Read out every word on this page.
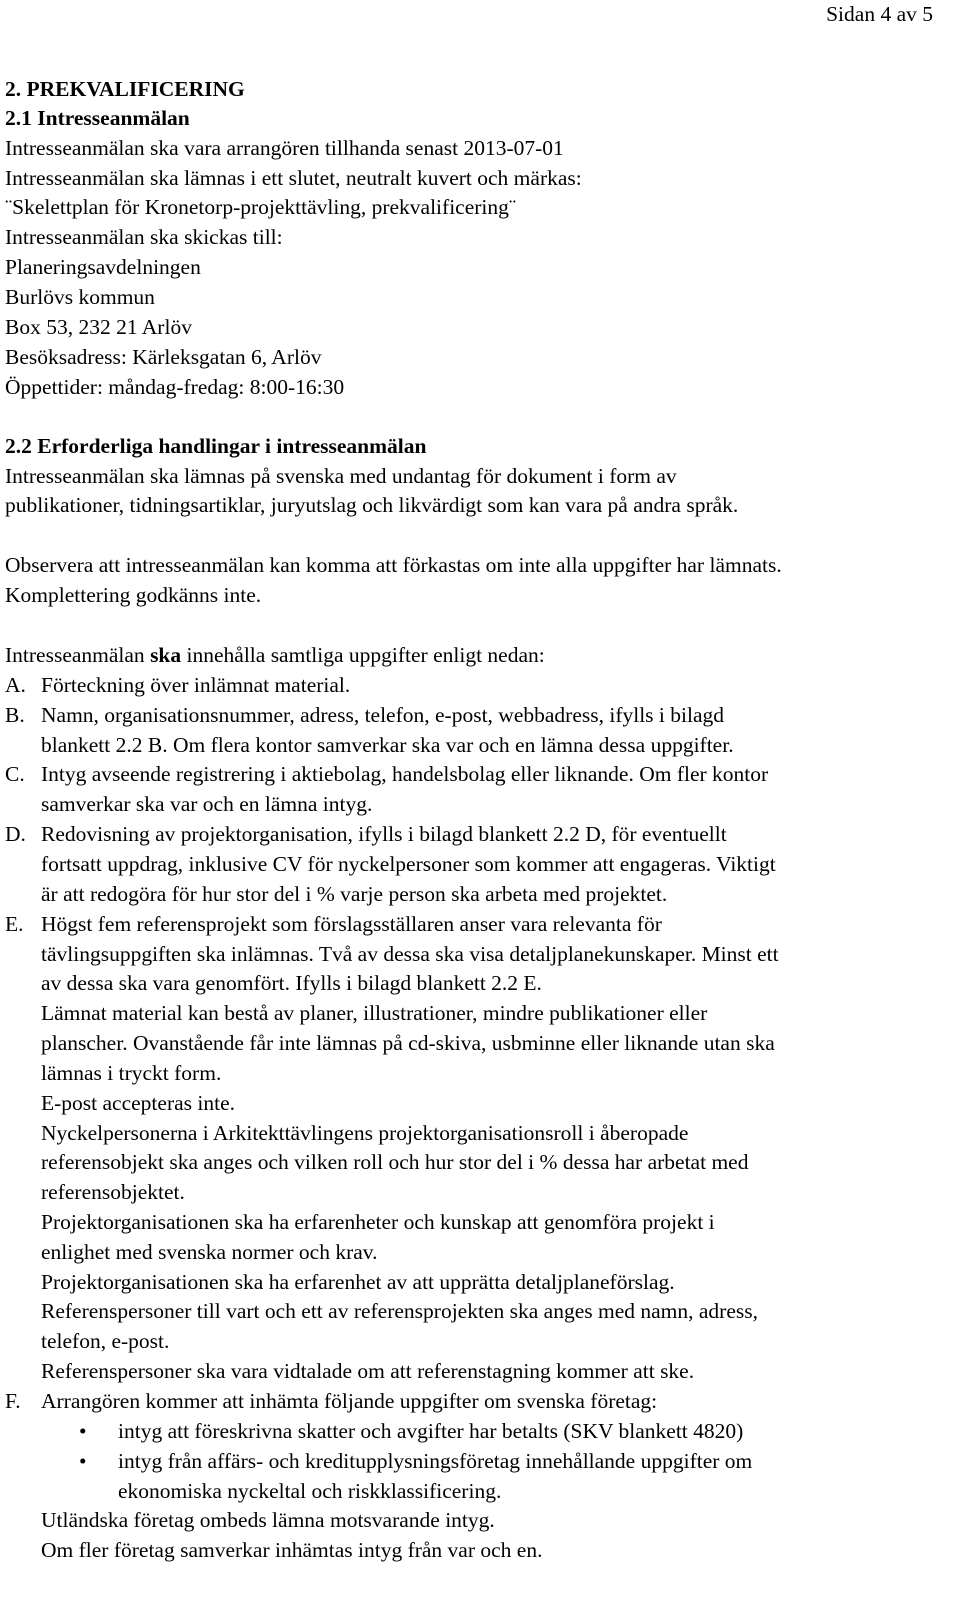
Sidan 4 av 5
2. PREKVALIFICERING
2.1 Intresseanmälan
Intresseanmälan ska vara arrangören tillhanda senast 2013-07-01
Intresseanmälan ska lämnas i ett slutet, neutralt kuvert och märkas:
¨Skelettplan för Kronetorp-projekttävling, prekvalificering¨
Intresseanmälan ska skickas till:
Planeringsavdelningen
Burlövs kommun
Box 53, 232 21 Arlöv
Besöksadress: Kärleksgatan 6, Arlöv
Öppettider: måndag-fredag: 8:00-16:30
2.2 Erforderliga handlingar i intresseanmälan
Intresseanmälan ska lämnas på svenska med undantag för dokument i form av
publikationer, tidningsartiklar, juryutslag och likvärdigt som kan vara på andra språk.
Observera att intresseanmälan kan komma att förkastas om inte alla uppgifter har lämnats.
Komplettering godkänns inte.
Intresseanmälan ska innehålla samtliga uppgifter enligt nedan:
A. Förteckning över inlämnat material.
B. Namn, organisationsnummer, adress, telefon, e-post, webbadress, ifylls i bilagd
blankett 2.2 B. Om flera kontor samverkar ska var och en lämna dessa uppgifter.
C. Intyg avseende registrering i aktiebolag, handelsbolag eller liknande. Om fler kontor
samverkar ska var och en lämna intyg.
D. Redovisning av projektorganisation, ifylls i bilagd blankett 2.2 D, för eventuellt
fortsatt uppdrag, inklusive CV för nyckelpersoner som kommer att engageras. Viktigt
är att redogöra för hur stor del i % varje person ska arbeta med projektet.
E. Högst fem referensprojekt som förslagsställaren anser vara relevanta för
tävlingsuppgiften ska inlämnas. Två av dessa ska visa detaljplanekunskaper. Minst ett
av dessa ska vara genomfört. Ifylls i bilagd blankett 2.2 E.
Lämnat material kan bestå av planer, illustrationer, mindre publikationer eller
planscher. Ovanstående får inte lämnas på cd-skiva, usbminne eller liknande utan ska
lämnas i tryckt form.
E-post accepteras inte.
Nyckelpersonerna i Arkitekttävlingens projektorganisationsroll i åberopade
referensobjekt ska anges och vilken roll och hur stor del i % dessa har arbetat med
referensobjektet.
Projektorganisationen ska ha erfarenheter och kunskap att genomföra projekt i
enlighet med svenska normer och krav.
Projektorganisationen ska ha erfarenhet av att upprätta detaljplaneförslag.
Referenspersoner till vart och ett av referensprojekten ska anges med namn, adress,
telefon, e-post.
Referenspersoner ska vara vidtalade om att referenstagning kommer att ske.
F. Arrangören kommer att inhämta följande uppgifter om svenska företag:
• intyg att föreskrivna skatter och avgifter har betalts (SKV blankett 4820)
• intyg från affärs- och kreditupplysningsföretag innehållande uppgifter om
ekonomiska nyckeltal och riskklassificering.
Utländska företag ombeds lämna motsvarande intyg.
Om fler företag samverkar inhämtas intyg från var och en.
